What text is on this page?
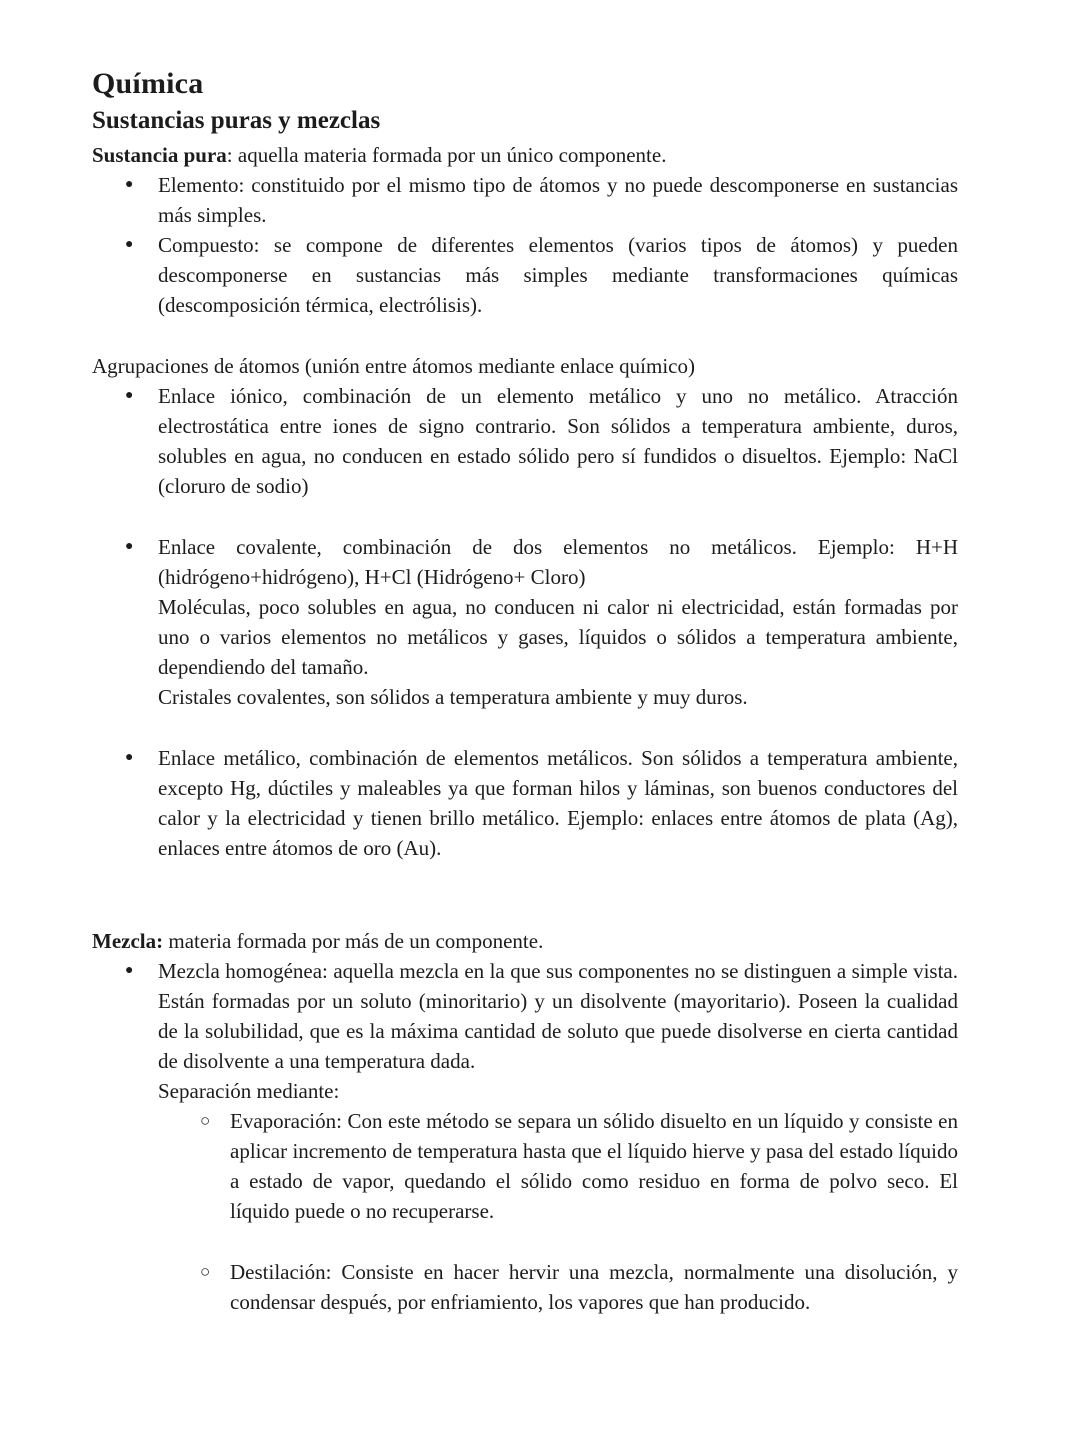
Química
Sustancias puras y mezclas
Sustancia pura: aquella materia formada por un único componente.
●	Elemento: constituido por el mismo tipo de átomos y no puede descomponerse en sustancias más simples.
●	Compuesto: se compone de diferentes elementos (varios tipos de átomos) y pueden descomponerse en sustancias más simples mediante transformaciones químicas (descomposición térmica, electrólisis).
Agrupaciones de átomos (unión entre átomos mediante enlace químico)
●	Enlace iónico, combinación de un elemento metálico y uno no metálico. Atracción electrostática entre iones de signo contrario. Son sólidos a temperatura ambiente, duros, solubles en agua, no conducen en estado sólido pero sí fundidos o disueltos. Ejemplo: NaCl (cloruro de sodio)
●	Enlace covalente, combinación de dos elementos no metálicos. Ejemplo: H+H (hidrógeno+hidrógeno), H+Cl (Hidrógeno+ Cloro)
Moléculas, poco solubles en agua, no conducen ni calor ni electricidad, están formadas por uno o varios elementos no metálicos y gases, líquidos o sólidos a temperatura ambiente, dependiendo del tamaño.
Cristales covalentes, son sólidos a temperatura ambiente y muy duros.
●	Enlace metálico, combinación de elementos metálicos. Son sólidos a temperatura ambiente, excepto Hg, dúctiles y maleables ya que forman hilos y láminas, son buenos conductores del calor y la electricidad y tienen brillo metálico. Ejemplo: enlaces entre átomos de plata (Ag), enlaces entre átomos de oro (Au).
Mezcla: materia formada por más de un componente.
●	Mezcla homogénea: aquella mezcla en la que sus componentes no se distinguen a simple vista. Están formadas por un soluto (minoritario) y un disolvente (mayoritario). Poseen la cualidad de la solubilidad, que es la máxima cantidad de soluto que puede disolverse en cierta cantidad de disolvente a una temperatura dada.
Separación mediante:
○ Evaporación: Con este método se separa un sólido disuelto en un líquido y consiste en aplicar incremento de temperatura hasta que el líquido hierve y pasa del estado líquido a estado de vapor, quedando el sólido como residuo en forma de polvo seco. El líquido puede o no recuperarse.
○ Destilación: Consiste en hacer hervir una mezcla, normalmente una disolución, y condensar después, por enfriamiento, los vapores que han producido.
